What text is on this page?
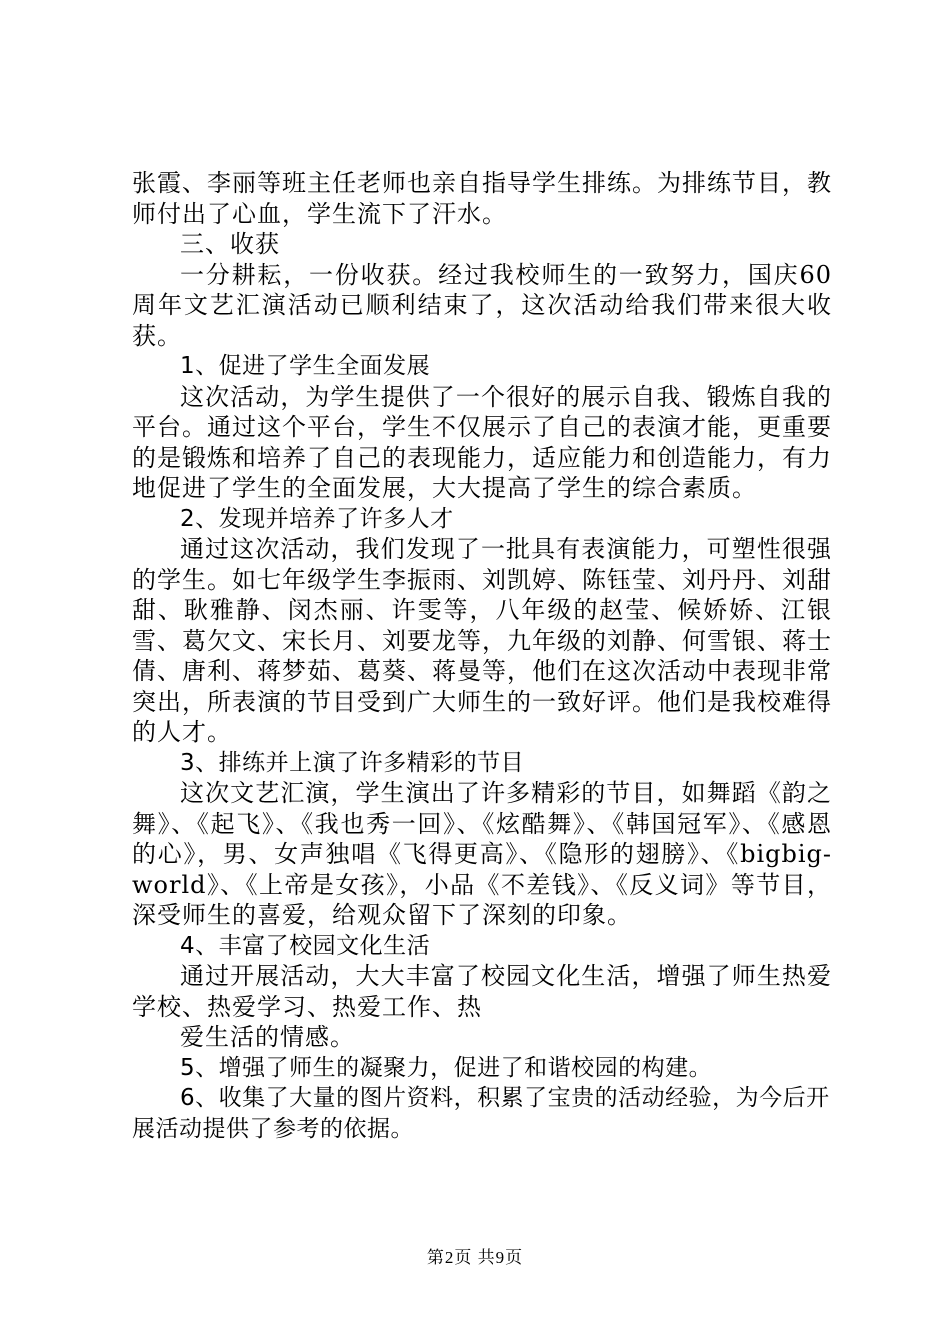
张霞、李丽等班主任老师也亲自指导学生排练。为排练节目，教师付出了心血，学生流下了汗水。

三、收获

一分耕耘，一份收获。经过我校师生的一致努力，国庆60周年文艺汇演活动已顺利结束了，这次活动给我们带来很大收获。

1、促进了学生全面发展

这次活动，为学生提供了一个很好的展示自我、锻炼自我的平台。通过这个平台，学生不仅展示了自己的表演才能，更重要的是锻炼和培养了自己的表现能力，适应能力和创造能力，有力地促进了学生的全面发展，大大提高了学生的综合素质。

2、发现并培养了许多人才

通过这次活动，我们发现了一批具有表演能力，可塑性很强的学生。如七年级学生李振雨、刘凯婷、陈钰莹、刘丹丹、刘甜甜、耿雅静、闵杰丽、许雯等，八年级的赵莹、候娇娇、江银雪、葛欠文、宋长月、刘要龙等，九年级的刘静、何雪银、蒋士倩、唐利、蒋梦茹、葛葵、蒋曼等，他们在这次活动中表现非常突出，所表演的节目受到广大师生的一致好评。他们是我校难得的人才。

3、排练并上演了许多精彩的节目

这次文艺汇演，学生演出了许多精彩的节目，如舞蹈《韵之舞》、《起飞》、《我也秀一回》、《炫酷舞》、《韩国冠军》、《感恩的心》，男、女声独唱《飞得更高》、《隐形的翅膀》、《bigbig-world》、《上帝是女孩》，小品《不差钱》、《反义词》等节目，深受师生的喜爱，给观众留下了深刻的印象。

4、丰富了校园文化生活

通过开展活动，大大丰富了校园文化生活，增强了师生热爱学校、热爱学习、热爱工作、热

爱生活的情感。

5、增强了师生的凝聚力，促进了和谐校园的构建。

6、收集了大量的图片资料，积累了宝贵的活动经验，为今后开展活动提供了参考的依据。

第2页 共9页
